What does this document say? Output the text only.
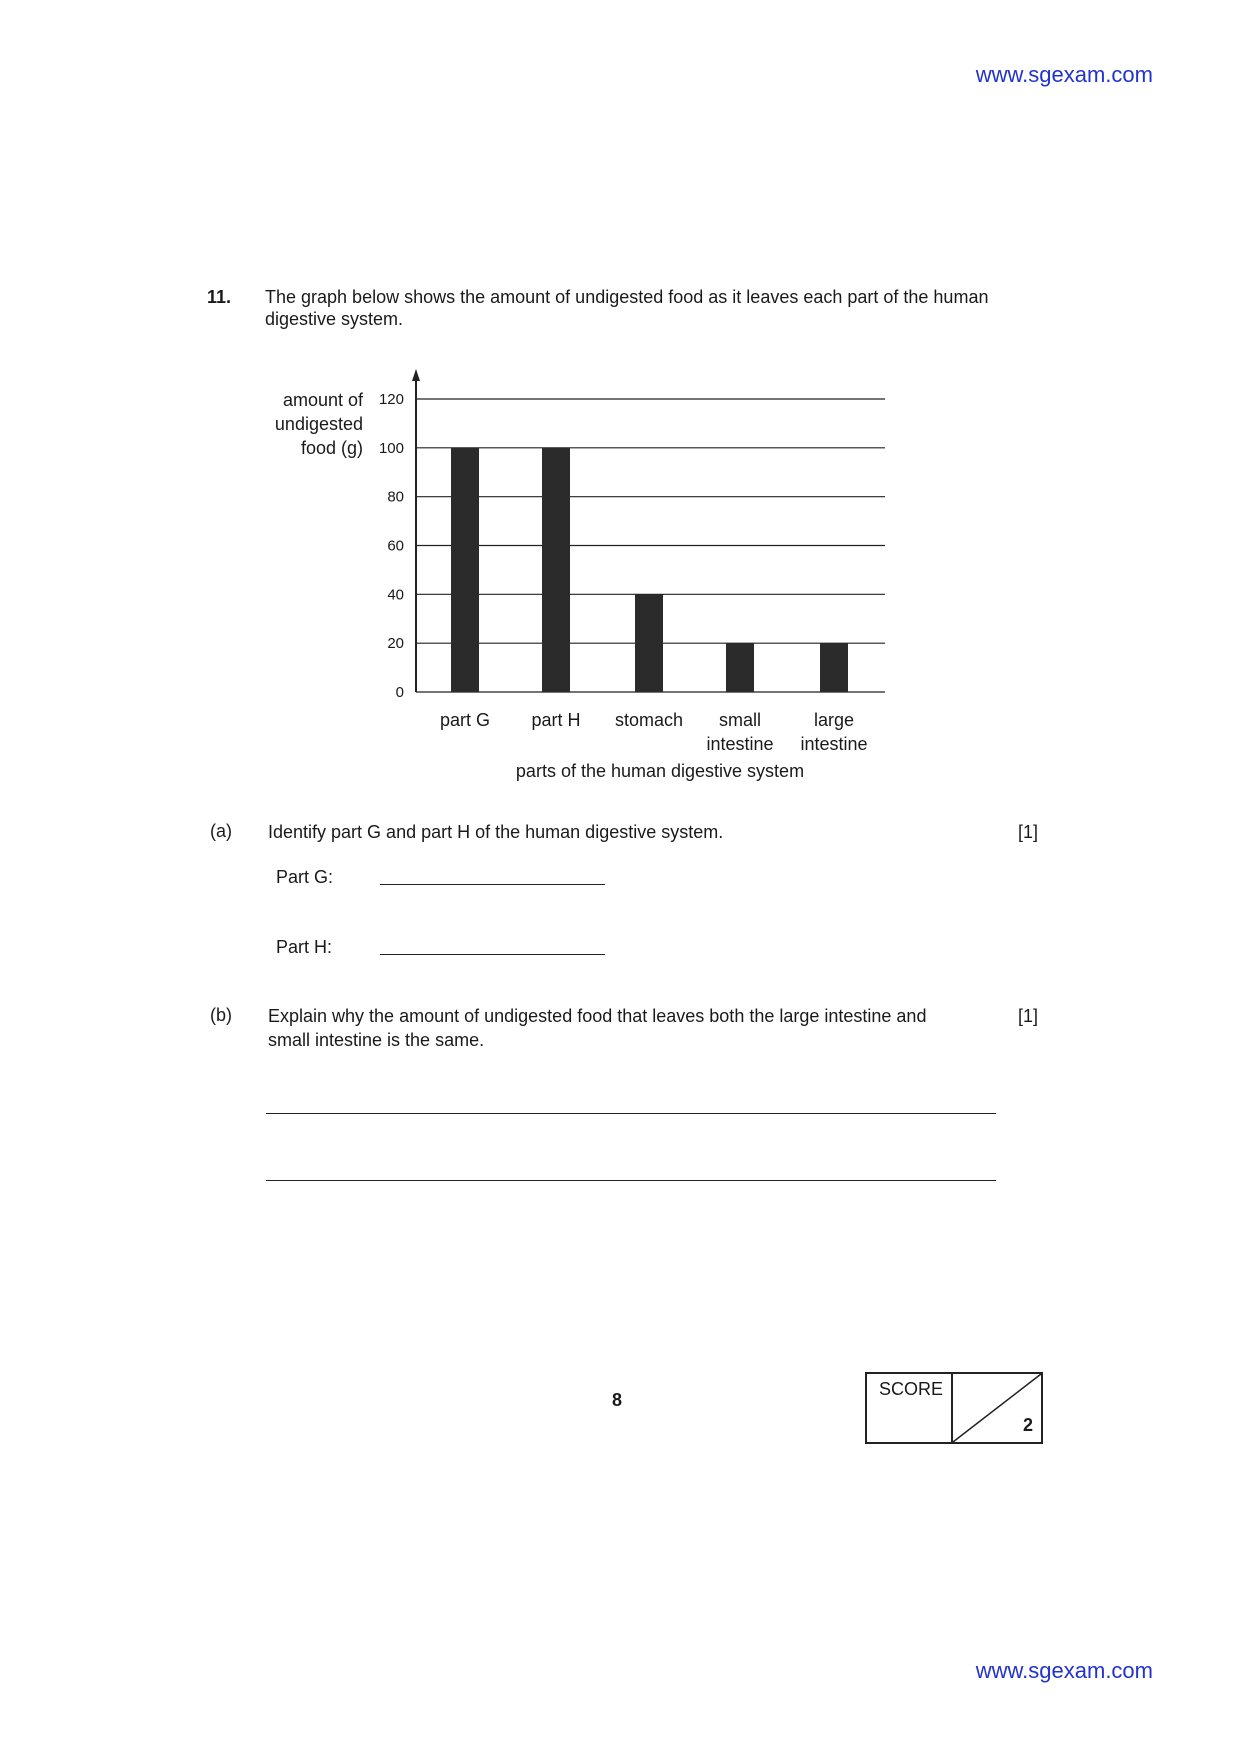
www.sgexam.com
11. The graph below shows the amount of undigested food as it leaves each part of the human digestive system.
amount of
undigested
food (g)
0
20
40
60
80
100
120
part G part H stomach	small intestine
large intestine
parts of the human digestive system
(a) Identify part G and part H of the human digestive system.	[1]
Part G:
Part H:
(b) Explain why the amount of undigested food that leaves both the large intestine and
small intestine is the same.
[1]
8
SCORE
2
www.sgexam.com
